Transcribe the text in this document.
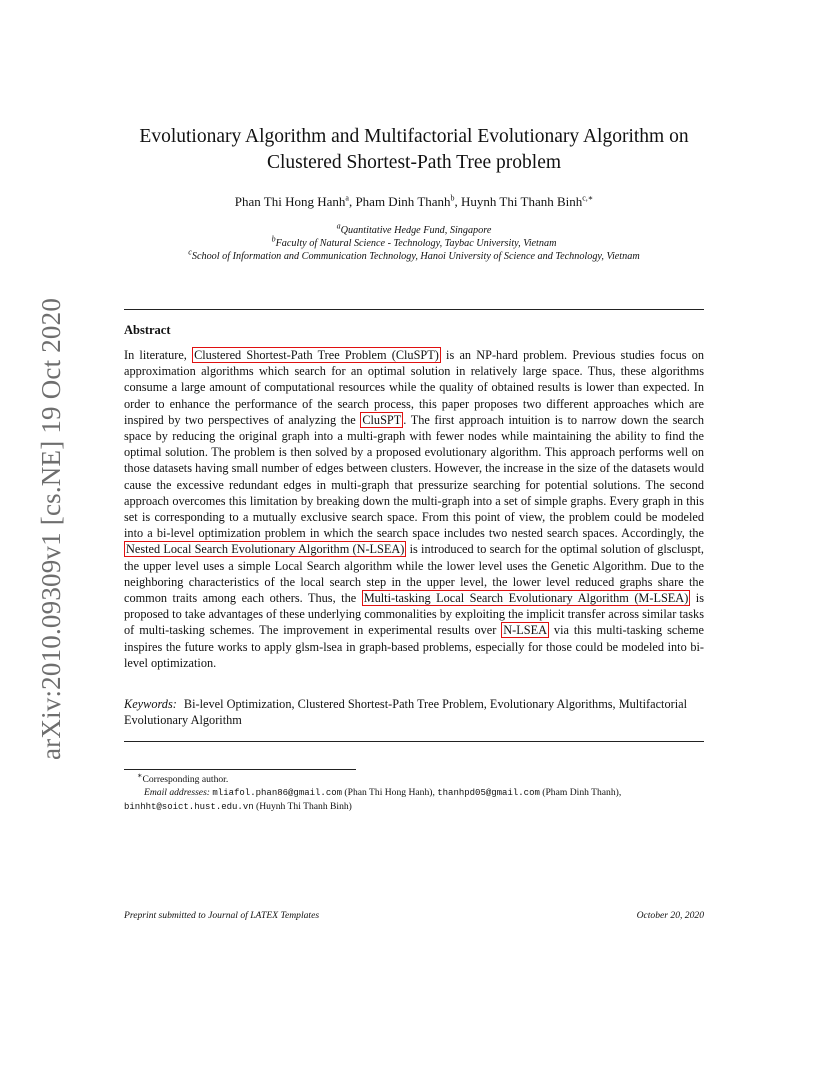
arXiv:2010.09309v1 [cs.NE] 19 Oct 2020
Evolutionary Algorithm and Multifactorial Evolutionary Algorithm on
Clustered Shortest-Path Tree problem
Phan Thi Hong Hanh$^a$, Pham Dinh Thanh$^b$, Huynh Thi Thanh Binh$^{c,∗}$
$^a$Quantitative Hedge Fund, Singapore
$^b$Faculty of Natural Science - Technology, Taybac University, Vietnam
$^c$School of Information and Communication Technology, Hanoi University of Science and Technology, Vietnam
Abstract
In literature, Clustered Shortest-Path Tree Problem (CluSPT) is an NP-hard problem. Previous studies focus on approximation algorithms which search for an optimal solution in relatively large space. Thus, these algorithms consume a large amount of computational resources while the quality of obtained results is lower than expected. In order to enhance the performance of the search process, this paper proposes two different approaches which are inspired by two perspectives of analyzing the CluSPT . The first approach intuition is to narrow down the search space by reducing the original graph into a multi-graph with fewer nodes while maintaining the ability to find the optimal solution. The problem is then solved by a proposed evolutionary algorithm. This approach performs well on those datasets having small number of edges between clusters. However, the increase in the size of the datasets would cause the excessive redundant edges in multi-graph that pressurize searching for potential solutions. The second approach overcomes this limitation by breaking down the multi-graph into a set of simple graphs. Every graph in this set is corresponding to a mutually exclusive search space. From this point of view, the problem could be modeled into a bi-level optimization problem in which the search space includes two nested search spaces. Accordingly, the Nested Local Search Evolutionary Algorithm (N-LSEA) is introduced to search for the optimal solution of glscluspt, the upper level uses a simple Local Search algorithm while the lower level uses the Genetic Algorithm. Due to the neighboring characteristics of the local search step in the upper level, the lower level reduced graphs share the common traits among each others. Thus, the Multi-tasking Local Search Evolutionary Algorithm (M-LSEA) is proposed to take advantages of these underlying commonalities by exploiting the implicit transfer across similar tasks of multi-tasking schemes. The improvement in experimental results over N-LSEA via this multi-tasking scheme inspires the future works to apply glsm-lsea in graph-based problems, especially for those could be modeled into bi-level optimization.
Keywords: Bi-level Optimization, Clustered Shortest-Path Tree Problem, Evolutionary Algorithms, Multifactorial Evolutionary Algorithm
∗Corresponding author.
Email addresses: mliafol.phan86@gmail.com (Phan Thi Hong Hanh), thanhpd05@gmail.com (Pham Dinh Thanh),
binhht@soict.hust.edu.vn (Huynh Thi Thanh Binh)
Preprint submitted to Journal of LATEX Templates	October 20, 2020
